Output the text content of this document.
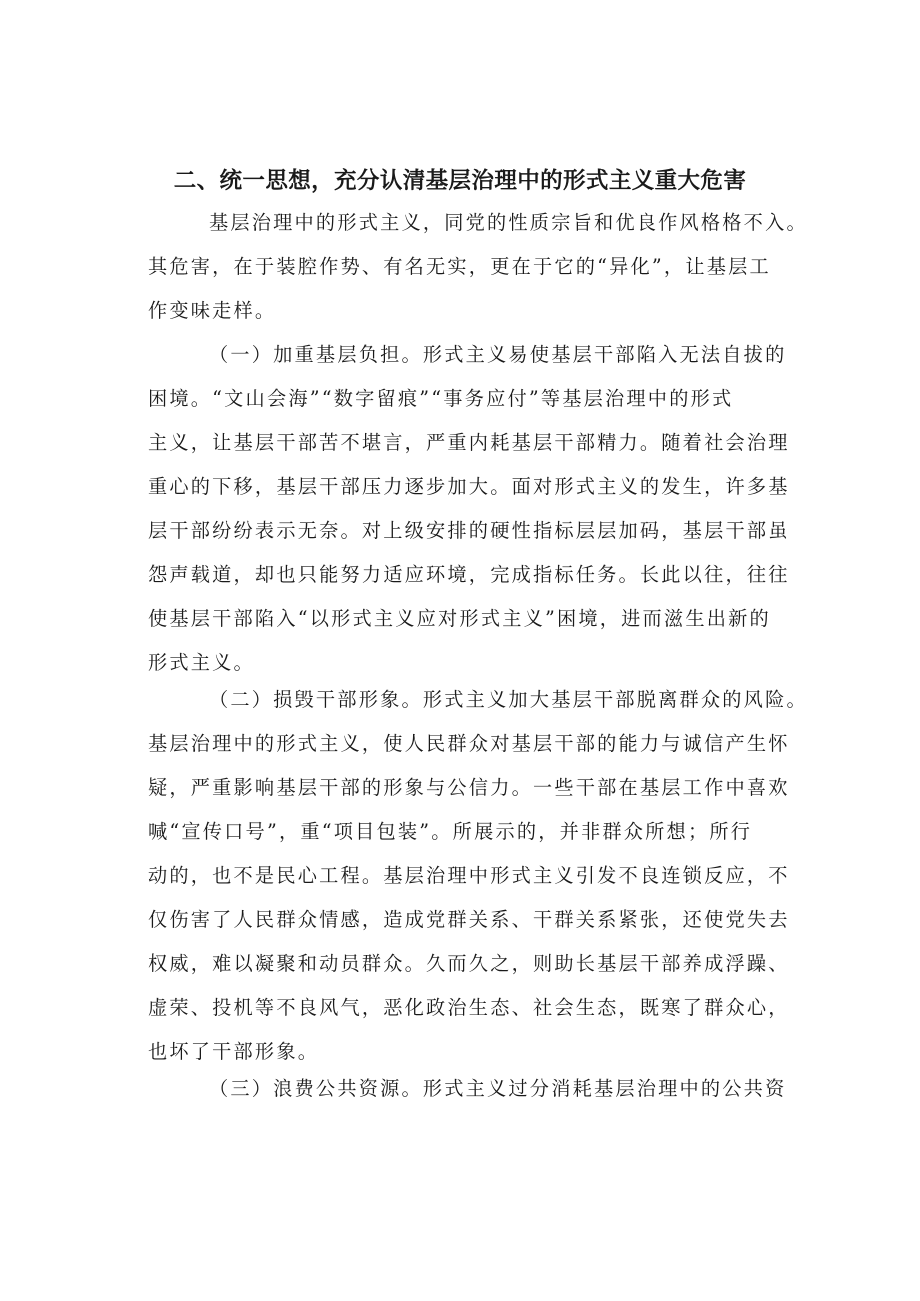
二、统一思想，充分认清基层治理中的形式主义重大危害
基层治理中的形式主义，同党的性质宗旨和优良作风格格不入。
其危害，在于装腔作势、有名无实，更在于它的“异化”，让基层工
作变味走样。
（一）加重基层负担。形式主义易使基层干部陷入无法自拔的
困境。“文山会海”“数字留痕”“事务应付”等基层治理中的形式
主义，让基层干部苦不堪言，严重内耗基层干部精力。随着社会治理
重心的下移，基层干部压力逐步加大。面对形式主义的发生，许多基
层干部纷纷表示无奈。对上级安排的硬性指标层层加码，基层干部虽
怨声载道，却也只能努力适应环境，完成指标任务。长此以往，往往
使基层干部陷入“以形式主义应对形式主义”困境，进而滋生出新的
形式主义。
（二）损毁干部形象。形式主义加大基层干部脱离群众的风险。
基层治理中的形式主义，使人民群众对基层干部的能力与诚信产生怀
疑，严重影响基层干部的形象与公信力。一些干部在基层工作中喜欢
喊“宣传口号”，重“项目包装”。所展示的，并非群众所想；所行
动的，也不是民心工程。基层治理中形式主义引发不良连锁反应，不
仅伤害了人民群众情感，造成党群关系、干群关系紧张，还使党失去
权威，难以凝聚和动员群众。久而久之，则助长基层干部养成浮躁、
虚荣、投机等不良风气，恶化政治生态、社会生态，既寒了群众心，
也坏了干部形象。
（三）浪费公共资源。形式主义过分消耗基层治理中的公共资
